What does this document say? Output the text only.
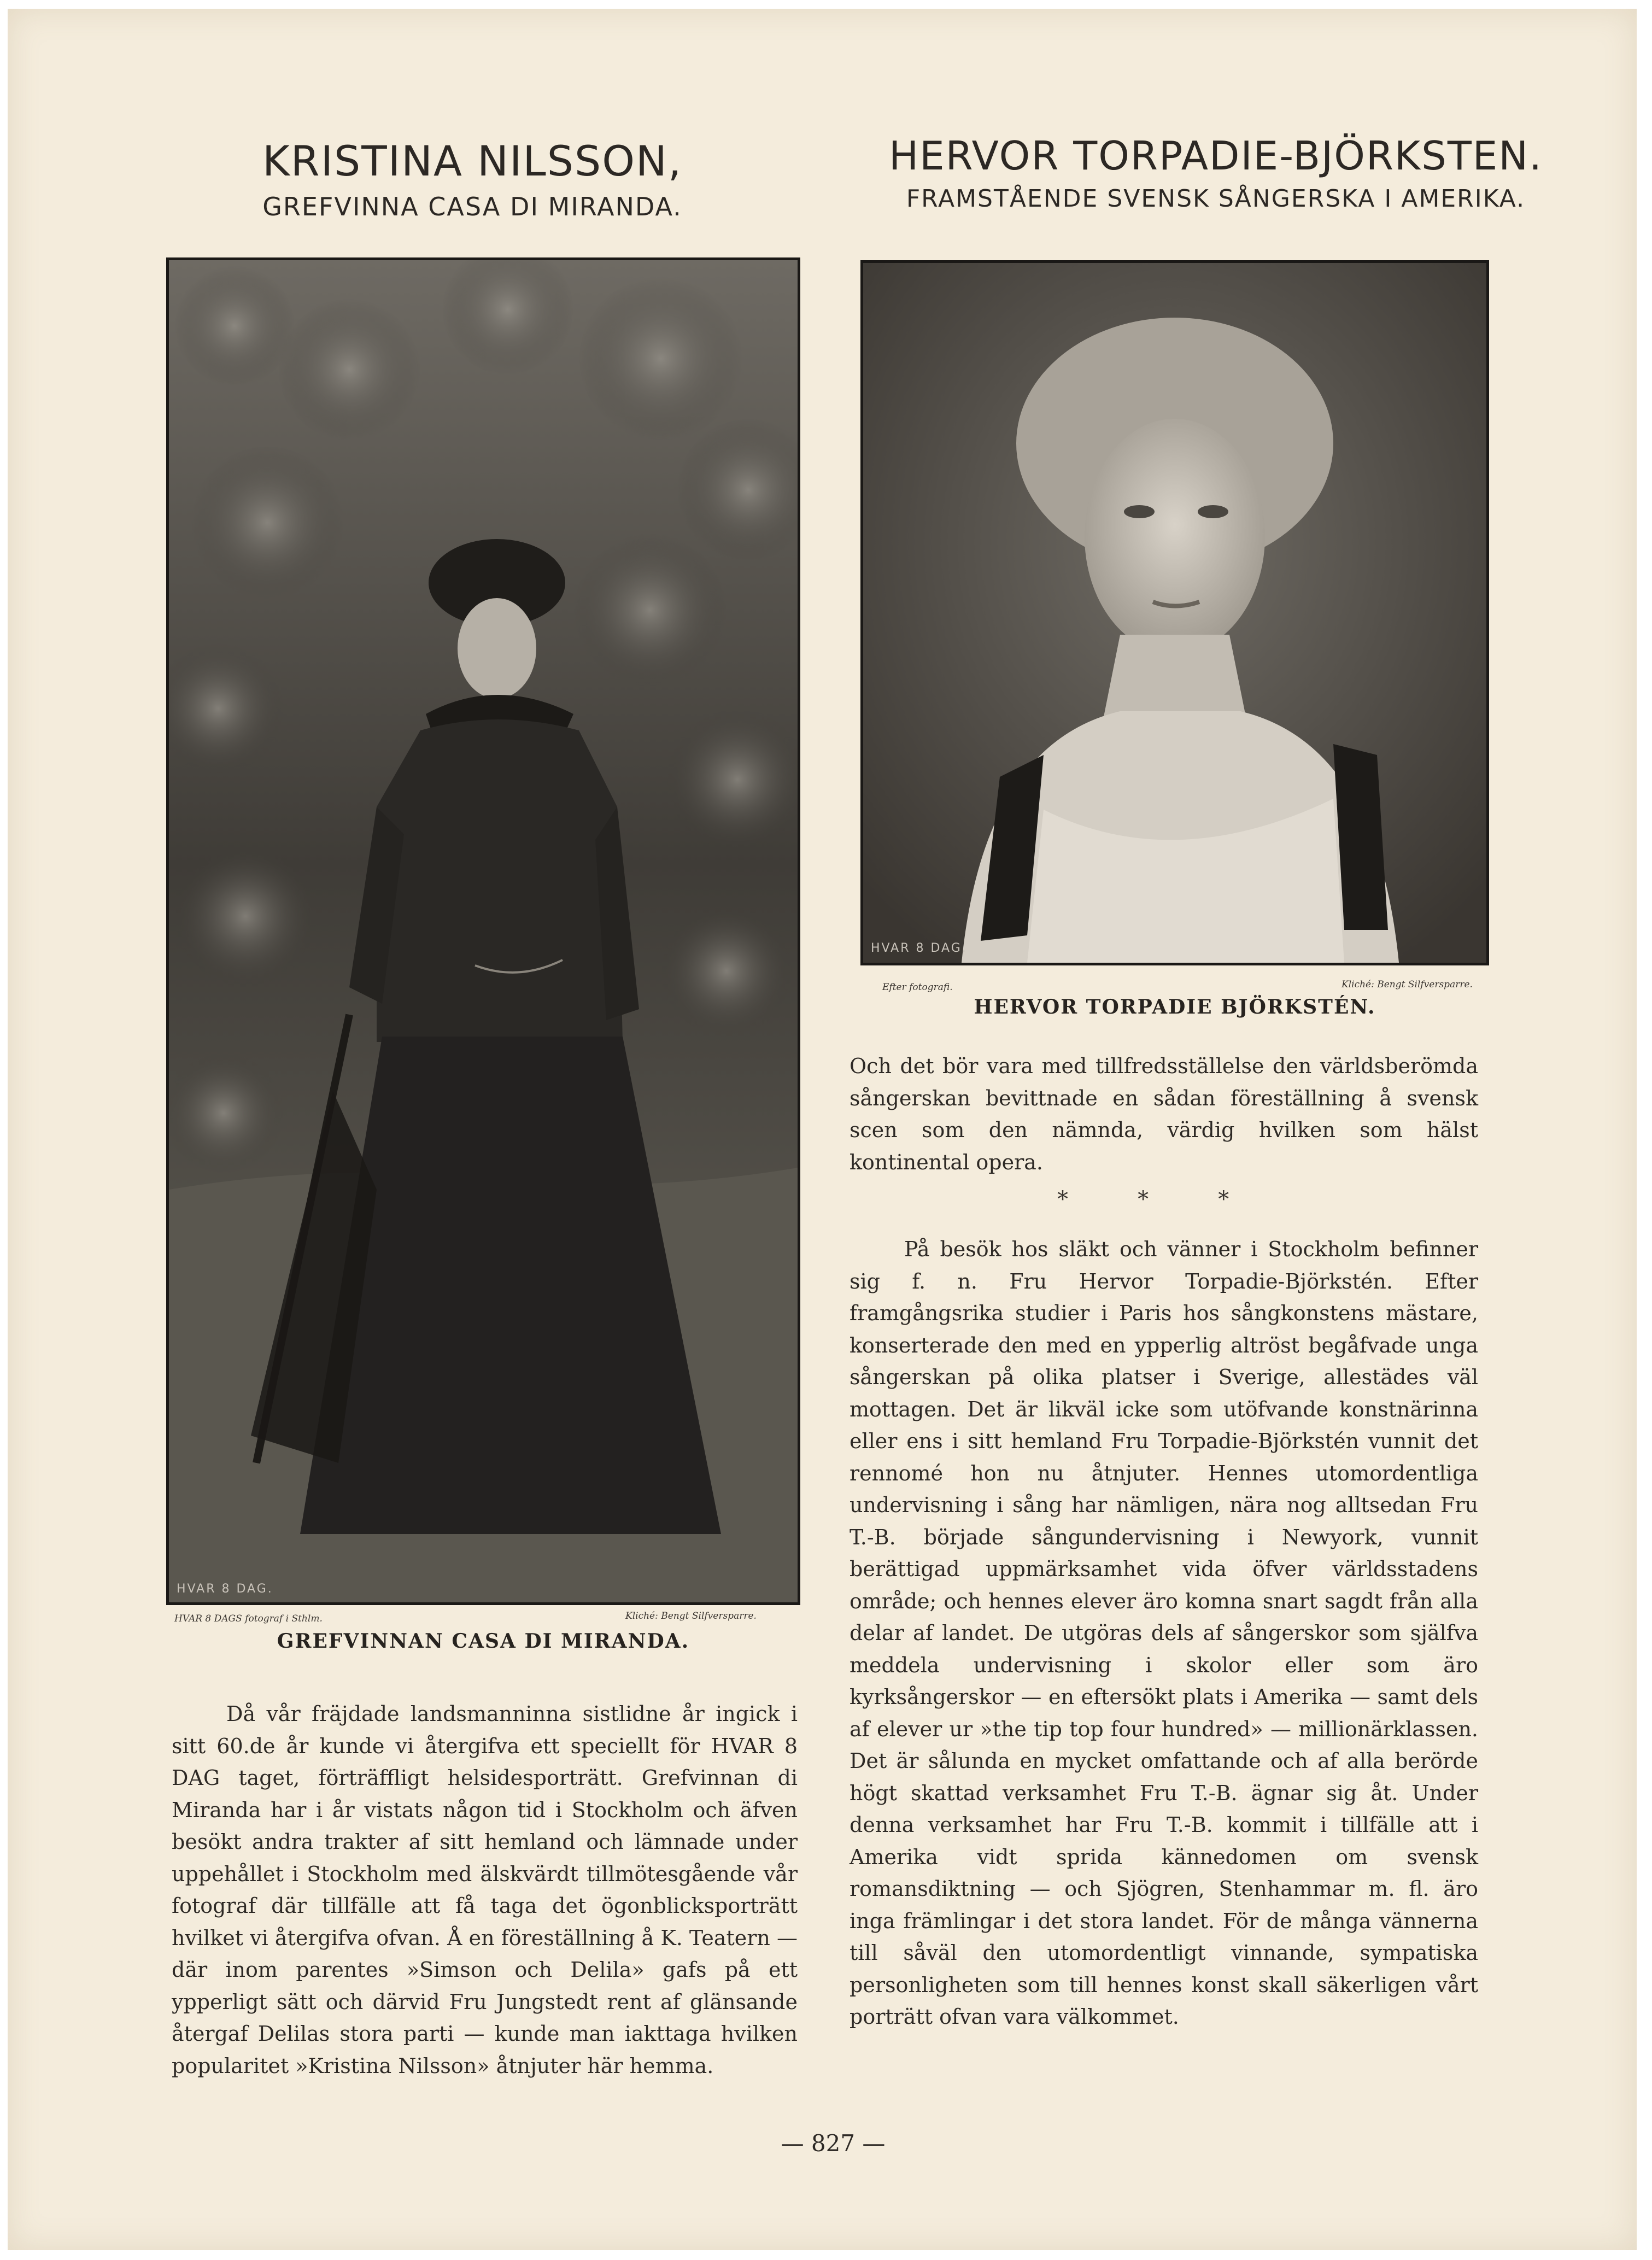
KRISTINA NILSSON,
GREFVINNA CASA DI MIRANDA.
HERVOR TORPADIE-BJÖRKSTEN.
FRAMSTÅENDE SVENSK SÅNGERSKA I AMERIKA.
HVAR 8 DAG.
HVAR 8 DAGS fotograf i Sthlm.	Kliché: Bengt Silfversparre.
GREFVINNAN CASA DI MIRANDA.

Då vår fräjdade landsmanninna sistlidne år ingick i sitt 60.de år kunde vi återgifva ett speciellt för HVAR 8 DAG taget, förträffligt helsidesporträtt. Grefvinnan di Miranda har i år vistats någon tid i Stockholm och äfven besökt andra trakter af sitt hemland och lämnade under uppehållet i Stockholm med älskvärdt tillmötesgående vår fotograf där tillfälle att få taga det ögonblicksporträtt hvilket vi återgifva ofvan. Å en föreställning å K. Teatern — där inom parentes »Simson och Delila» gafs på ett ypperligt sätt och därvid Fru Jungstedt rent af glänsande återgaf Delilas stora parti — kunde man iakttaga hvilken popularitet »Kristina Nilsson» åtnjuter här hemma.

HVAR 8 DAG.
Efter fotografi.	Kliché: Bengt Silfversparre.
HERVOR TORPADIE BJÖRKSTÉN.

Och det bör vara med tillfredsställelse den världsberömda sångerskan bevittnade en sådan föreställning å svensk scen som den nämnda, värdig hvilken som hälst kontinental opera.

*          *          *

På besök hos släkt och vänner i Stockholm befinner sig f. n. Fru Hervor Torpadie-Björkstén. Efter framgångsrika studier i Paris hos sångkonstens mästare, konserterade den med en ypperlig altröst begåfvade unga sångerskan på olika platser i Sverige, allestädes väl mottagen. Det är likväl icke som utöfvande konstnärinna eller ens i sitt hemland Fru Torpadie-Björkstén vunnit det rennomé hon nu åtnjuter. Hennes utomordentliga undervisning i sång har nämligen, nära nog alltsedan Fru T.-B. började sångundervisning i Newyork, vunnit berättigad uppmärksamhet vida öfver världsstadens område; och hennes elever äro komna snart sagdt från alla delar af landet. De utgöras dels af sångerskor som själfva meddela undervisning i skolor eller som äro kyrksångerskor — en eftersökt plats i Amerika — samt dels af elever ur »the tip top four hundred» — millionärklassen. Det är sålunda en mycket omfattande och af alla berörde högt skattad verksamhet Fru T.-B. ägnar sig åt. Under denna verksamhet har Fru T.-B. kommit i tillfälle att i Amerika vidt sprida kännedomen om svensk romansdiktning — och Sjögren, Stenhammar m. fl. äro inga främlingar i det stora landet. För de många vännerna till såväl den utomordentligt vinnande, sympatiska personligheten som till hennes konst skall säkerligen vårt porträtt ofvan vara välkommet.

— 827 —
